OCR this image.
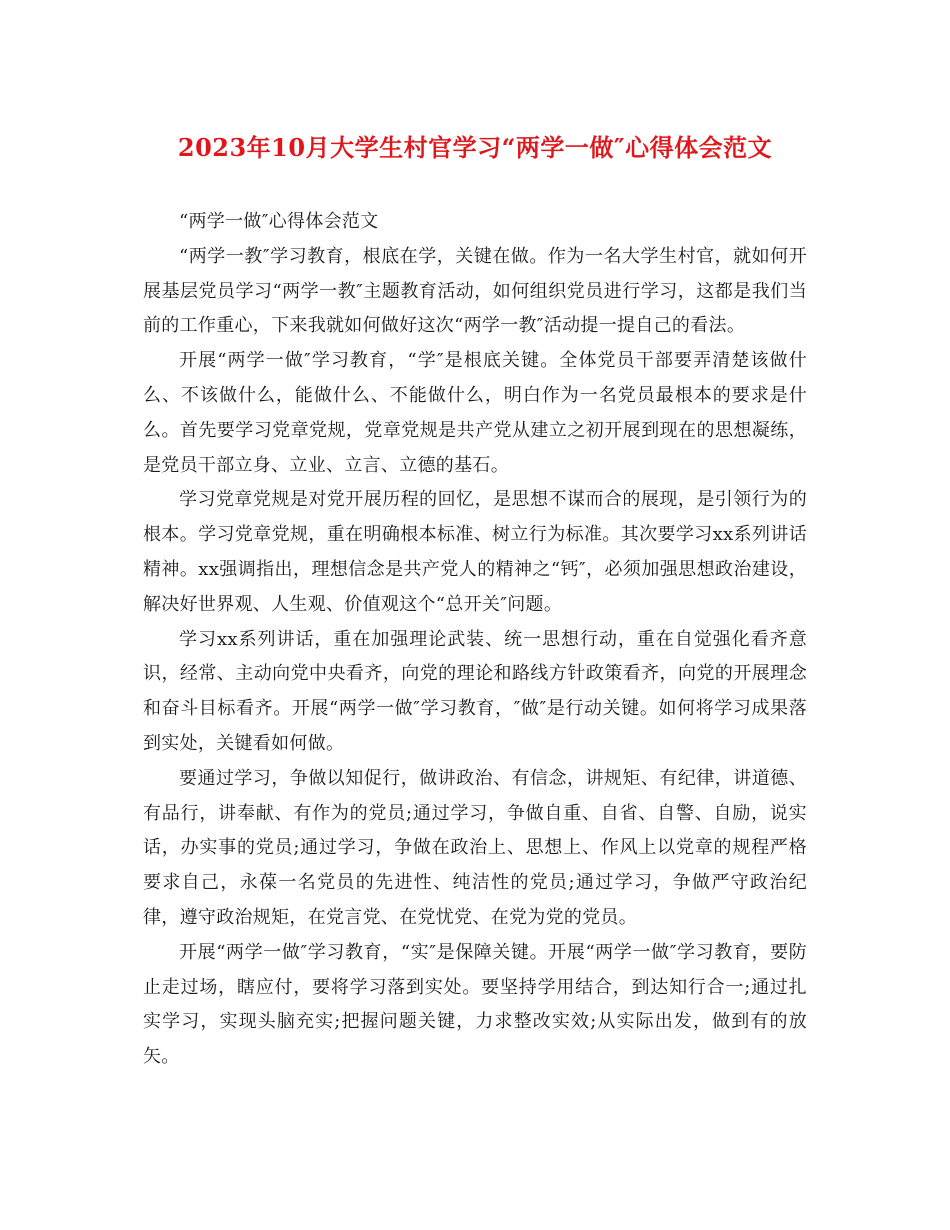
2023年10月大学生村官学习“两学一做″心得体会范文

“两学一做″心得体会范文

“两学一教″学习教育，根底在学，关键在做。作为一名大学生村官，就如何开展基层党员学习“两学一教″主题教育活动，如何组织党员进行学习，这都是我们当前的工作重心，下来我就如何做好这次“两学一教″活动提一提自己的看法。

开展“两学一做″学习教育，“学″是根底关键。全体党员干部要弄清楚该做什么、不该做什么，能做什么、不能做什么，明白作为一名党员最根本的要求是什么。首先要学习党章党规，党章党规是共产党从建立之初开展到现在的思想凝练，是党员干部立身、立业、立言、立德的基石。

学习党章党规是对党开展历程的回忆，是思想不谋而合的展现，是引领行为的根本。学习党章党规，重在明确根本标准、树立行为标准。其次要学习xx系列讲话精神。xx强调指出，理想信念是共产党人的精神之“钙″，必须加强思想政治建设，解决好世界观、人生观、价值观这个“总开关″问题。

学习xx系列讲话，重在加强理论武装、统一思想行动，重在自觉强化看齐意识，经常、主动向党中央看齐，向党的理论和路线方针政策看齐，向党的开展理念和奋斗目标看齐。开展“两学一做″学习教育，″做″是行动关键。如何将学习成果落到实处，关键看如何做。

要通过学习，争做以知促行，做讲政治、有信念，讲规矩、有纪律，讲道德、有品行，讲奉献、有作为的党员;通过学习，争做自重、自省、自警、自励，说实话，办实事的党员;通过学习，争做在政治上、思想上、作风上以党章的规程严格要求自己，永葆一名党员的先进性、纯洁性的党员;通过学习，争做严守政治纪律，遵守政治规矩，在党言党、在党忧党、在党为党的党员。

开展“两学一做″学习教育，“实″是保障关键。开展“两学一做″学习教育，要防止走过场，瞎应付，要将学习落到实处。要坚持学用结合，到达知行合一;通过扎实学习，实现头脑充实;把握问题关键，力求整改实效;从实际出发，做到有的放矢。
